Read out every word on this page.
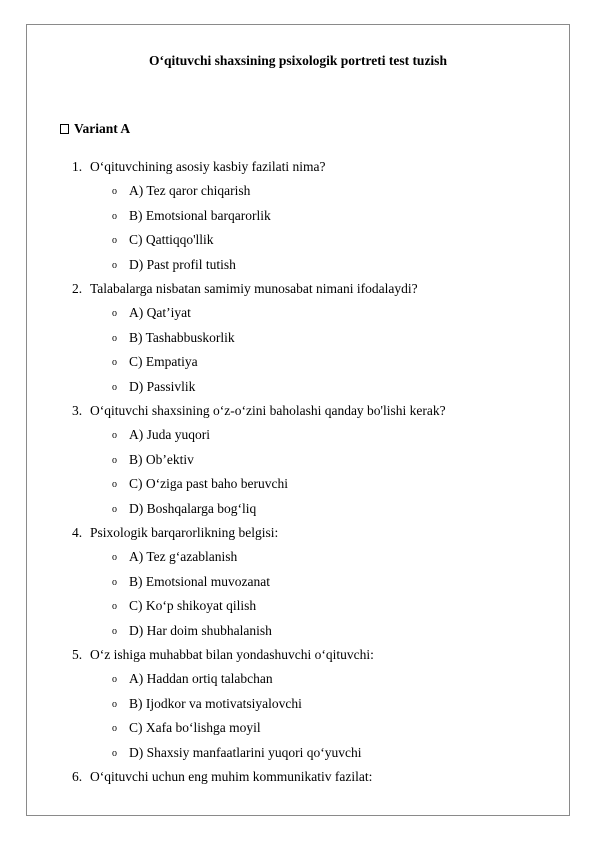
O‘qituvchi shaxsining psixologik portreti test tuzish
Variant A
1. O‘qituvchining asosiy kasbiy fazilati nima?
o A) Tez qaror chiqarish
o B) Emotsional barqarorlik
o C) Qattiqqo'llik
o D) Past profil tutish
2. Talabalarga nisbatan samimiy munosabat nimani ifodalaydi?
o A) Qat’iyat
o B) Tashabbuskorlik
o C) Empatiya
o D) Passivlik
3. O‘qituvchi shaxsining o‘z-o‘zini baholashi qanday bo'lishi kerak?
o A) Juda yuqori
o B) Ob’ektiv
o C) O‘ziga past baho beruvchi
o D) Boshqalarga bog‘liq
4. Psixologik barqarorlikning belgisi:
o A) Tez g‘azablanish
o B) Emotsional muvozanat
o C) Ko‘p shikoyat qilish
o D) Har doim shubhalanish
5. O‘z ishiga muhabbat bilan yondashuvchi o‘qituvchi:
o A) Haddan ortiq talabchan
o B) Ijodkor va motivatsiyalovchi
o C) Xafa bo‘lishga moyil
o D) Shaxsiy manfaatlarini yuqori qo‘yuvchi
6. O‘qituvchi uchun eng muhim kommunikativ fazilat:
